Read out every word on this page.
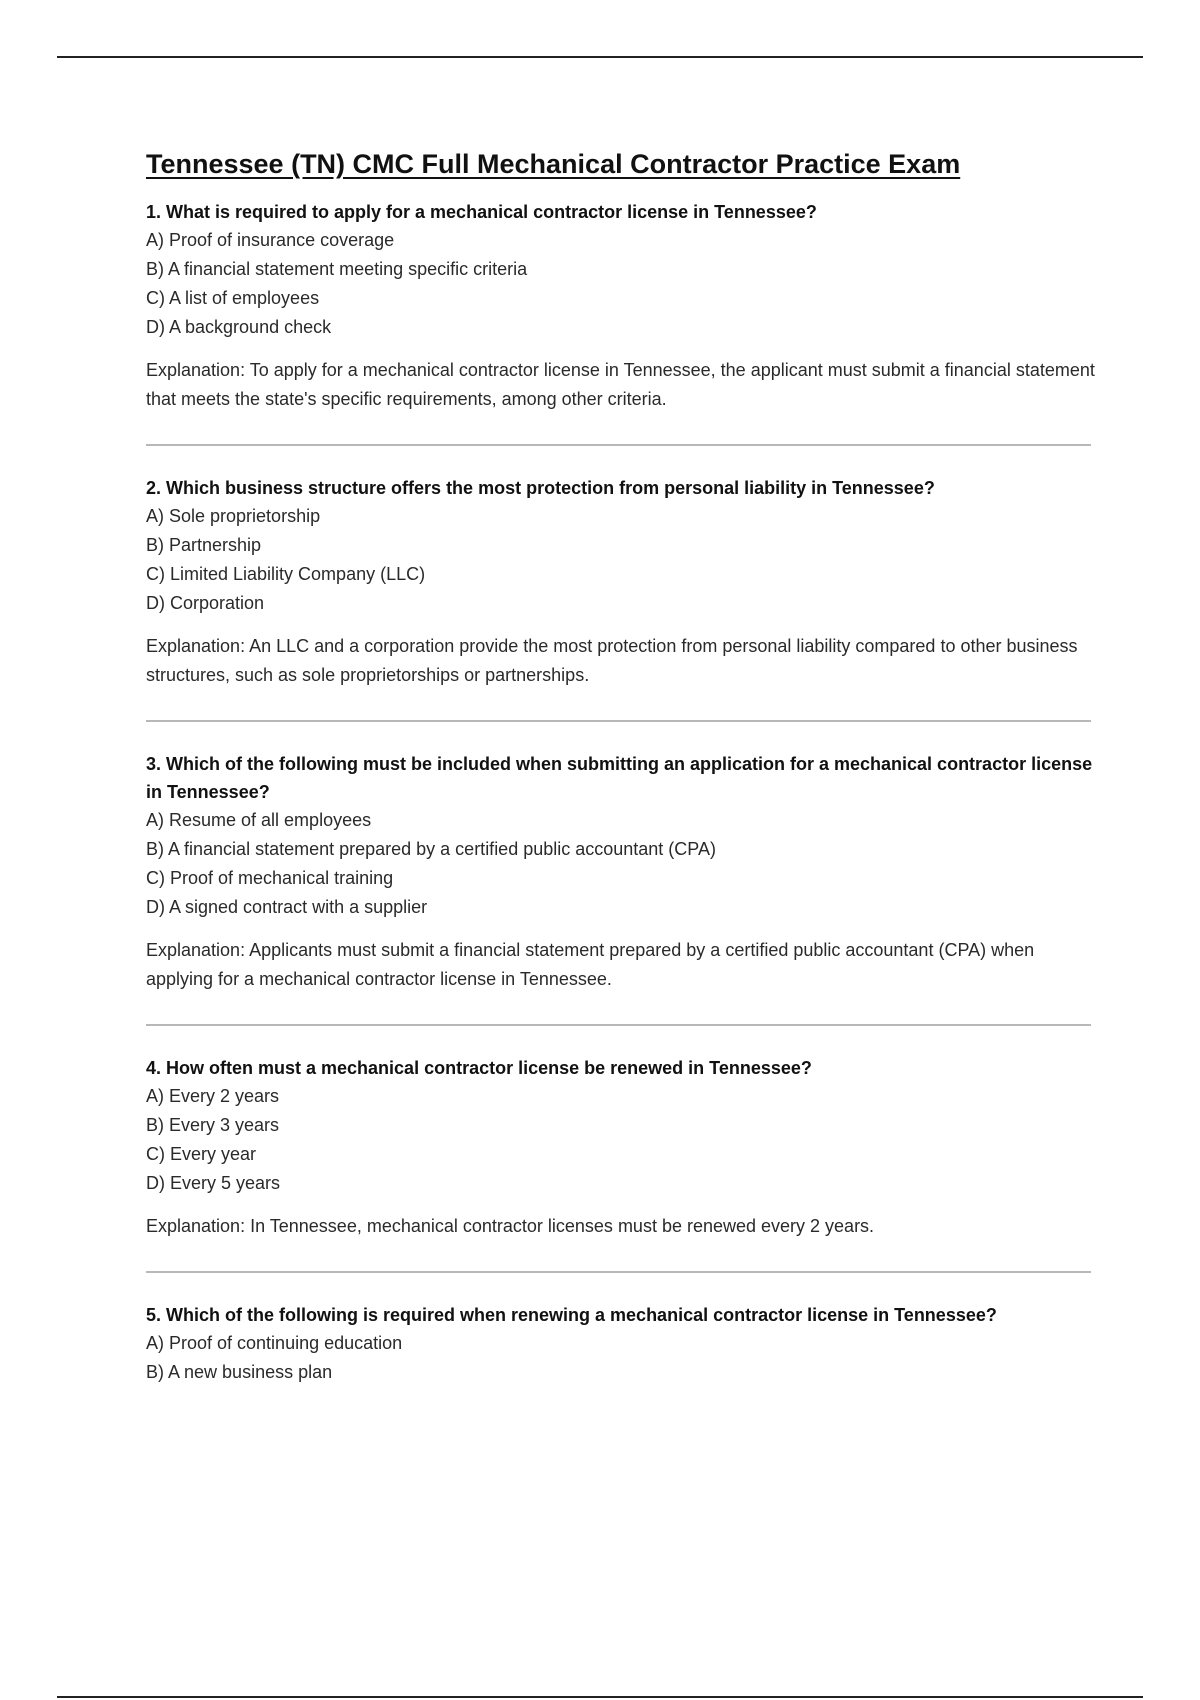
Tennessee (TN) CMC Full Mechanical Contractor Practice Exam

1. What is required to apply for a mechanical contractor license in Tennessee?

A) Proof of insurance coverage
B) A financial statement meeting specific criteria
C) A list of employees
D) A background check

Explanation: To apply for a mechanical contractor license in Tennessee, the applicant must submit a financial statement that meets the state's specific requirements, among other criteria.

2. Which business structure offers the most protection from personal liability in Tennessee?

A) Sole proprietorship
B) Partnership
C) Limited Liability Company (LLC)
D) Corporation

Explanation: An LLC and a corporation provide the most protection from personal liability compared to other business structures, such as sole proprietorships or partnerships.

3. Which of the following must be included when submitting an application for a mechanical contractor license in Tennessee?

A) Resume of all employees
B) A financial statement prepared by a certified public accountant (CPA)
C) Proof of mechanical training
D) A signed contract with a supplier

Explanation: Applicants must submit a financial statement prepared by a certified public accountant (CPA) when applying for a mechanical contractor license in Tennessee.

4. How often must a mechanical contractor license be renewed in Tennessee?

A) Every 2 years
B) Every 3 years
C) Every year
D) Every 5 years

Explanation: In Tennessee, mechanical contractor licenses must be renewed every 2 years.

5. Which of the following is required when renewing a mechanical contractor license in Tennessee?

A) Proof of continuing education
B) A new business plan
